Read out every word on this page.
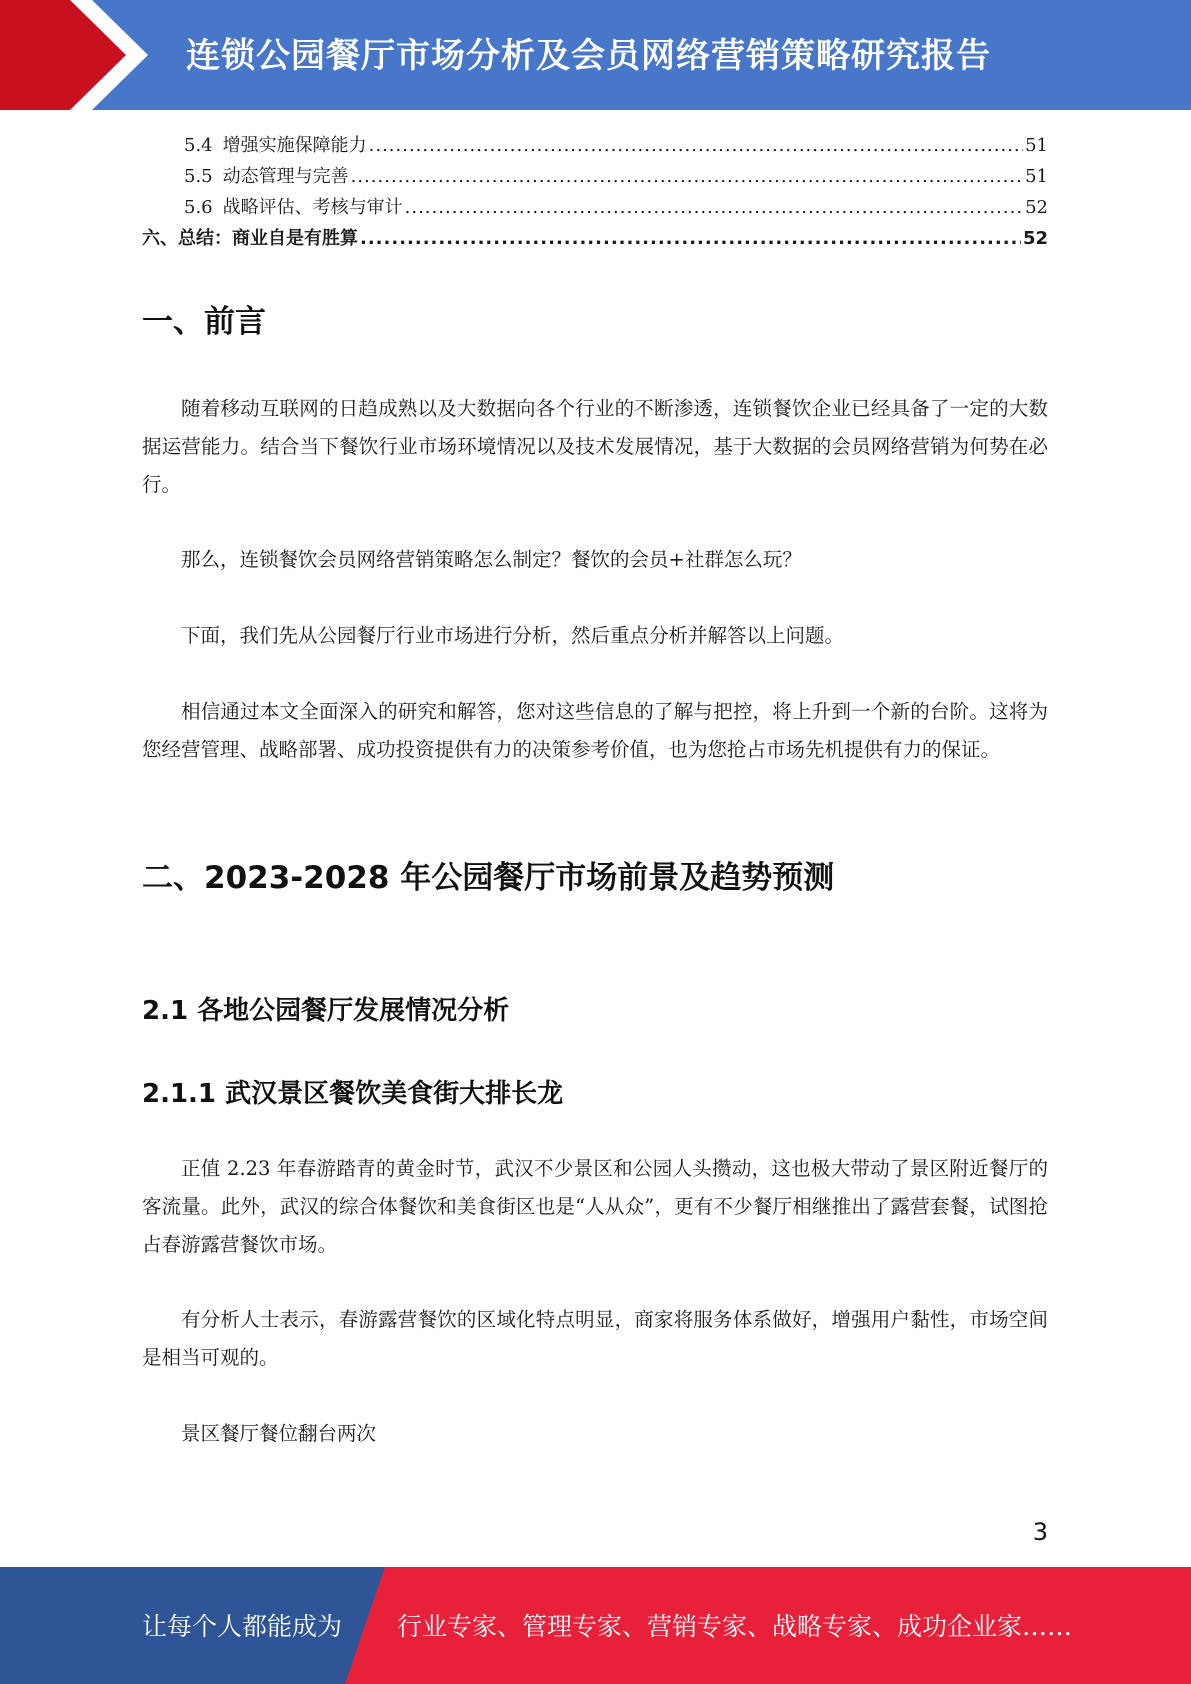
连锁公园餐厅市场分析及会员网络营销策略研究报告
5.4 增强实施保障能力 .....	51
5.5 动态管理与完善 .....	51
5.6 战略评估、考核与审计 .....	52
六、 总结：商业自是有胜算 .....	52
一、前言

随着移动互联网的日趋成熟以及大数据向各个行业的不断渗透，连锁餐饮企业已经具备了一定的大数据运营能力。结合当下餐饮行业市场环境情况以及技术发展情况，基于大数据的会员网络营销为何势在必行。

那么，连锁餐饮会员网络营销策略怎么制定？餐饮的会员+社群怎么玩？

下面，我们先从公园餐厅行业市场进行分析，然后重点分析并解答以上问题。

相信通过本文全面深入的研究和解答，您对这些信息的了解与把控，将上升到一个新的台阶。这将为您经营管理、战略部署、成功投资提供有力的决策参考价值，也为您抢占市场先机提供有力的保证。

二、2023-2028 年公园餐厅市场前景及趋势预测
2.1 各地公园餐厅发展情况分析
2.1.1 武汉景区餐饮美食街大排长龙

正值 2.23 年春游踏青的黄金时节，武汉不少景区和公园人头攒动，这也极大带动了景区附近餐厅的客流量。此外，武汉的综合体餐饮和美食街区也是“人从众”，更有不少餐厅相继推出了露营套餐，试图抢占春游露营餐饮市场。

有分析人士表示，春游露营餐饮的区域化特点明显，商家将服务体系做好，增强用户黏性，市场空间是相当可观的。

景区餐厅餐位翻台两次

3
让每个人都能成为 行业专家、管理专家、营销专家、战略专家、成功企业家……
